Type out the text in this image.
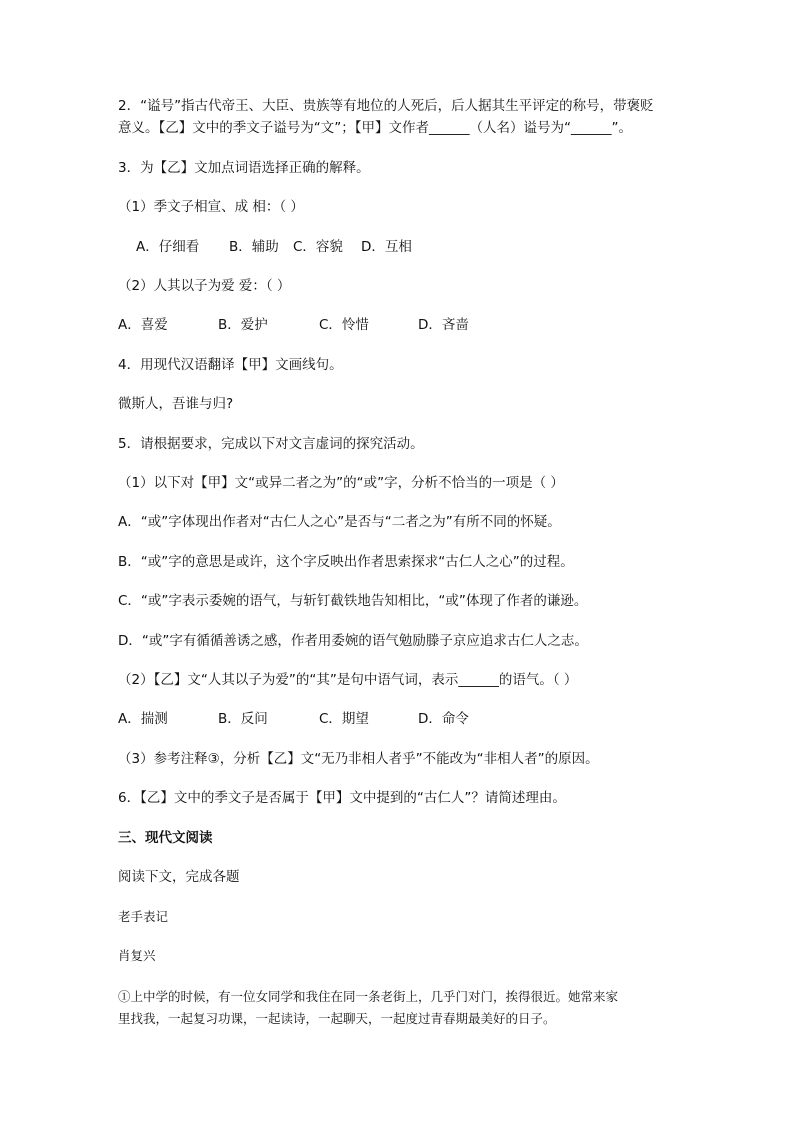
2．“谥号”指古代帝王、大臣、贵族等有地位的人死后，后人据其生平评定的称号，带褒贬
意义。【乙】文中的季文子谥号为“文”；【甲】文作者______（人名）谥号为“______”。
3．为【乙】文加点词语选择正确的解释。
（1）季文子相宣、成 相：（ ）
A．仔细看 B．辅助 C．容貌 D．互相
（2）人其以子为爱 爱：（ ）
A．喜爱	B．爱护	C．怜惜	D．吝啬
4．用现代汉语翻译【甲】文画线句。
微斯人，吾谁与归?
5．请根据要求，完成以下对文言虚词的探究活动。
（1）以下对【甲】文“或异二者之为”的“或”字，分析不恰当的一项是（ ）
A．“或”字体现出作者对“古仁人之心”是否与“二者之为”有所不同的怀疑。
B．“或”字的意思是或许，这个字反映出作者思索探求“古仁人之心”的过程。
C．“或”字表示委婉的语气，与斩钉截铁地告知相比，“或”体现了作者的谦逊。
D．“或”字有循循善诱之感，作者用委婉的语气勉励滕子京应追求古仁人之志。
（2）【乙】文“人其以子为爱”的“其”是句中语气词，表示______的语气。（ ）
A．揣测	B．反问	C．期望	D．命令
（3）参考注释③，分析【乙】文“无乃非相人者乎”不能改为“非相人者”的原因。
6．【乙】文中的季文子是否属于【甲】文中提到的“古仁人”？请简述理由。
三、现代文阅读
阅读下文，完成各题
老手表记
肖复兴
①上中学的时候，有一位女同学和我住在同一条老街上，几乎门对门，挨得很近。她常来家
里找我，一起复习功课，一起读诗，一起聊天，一起度过青春期最美好的日子。
